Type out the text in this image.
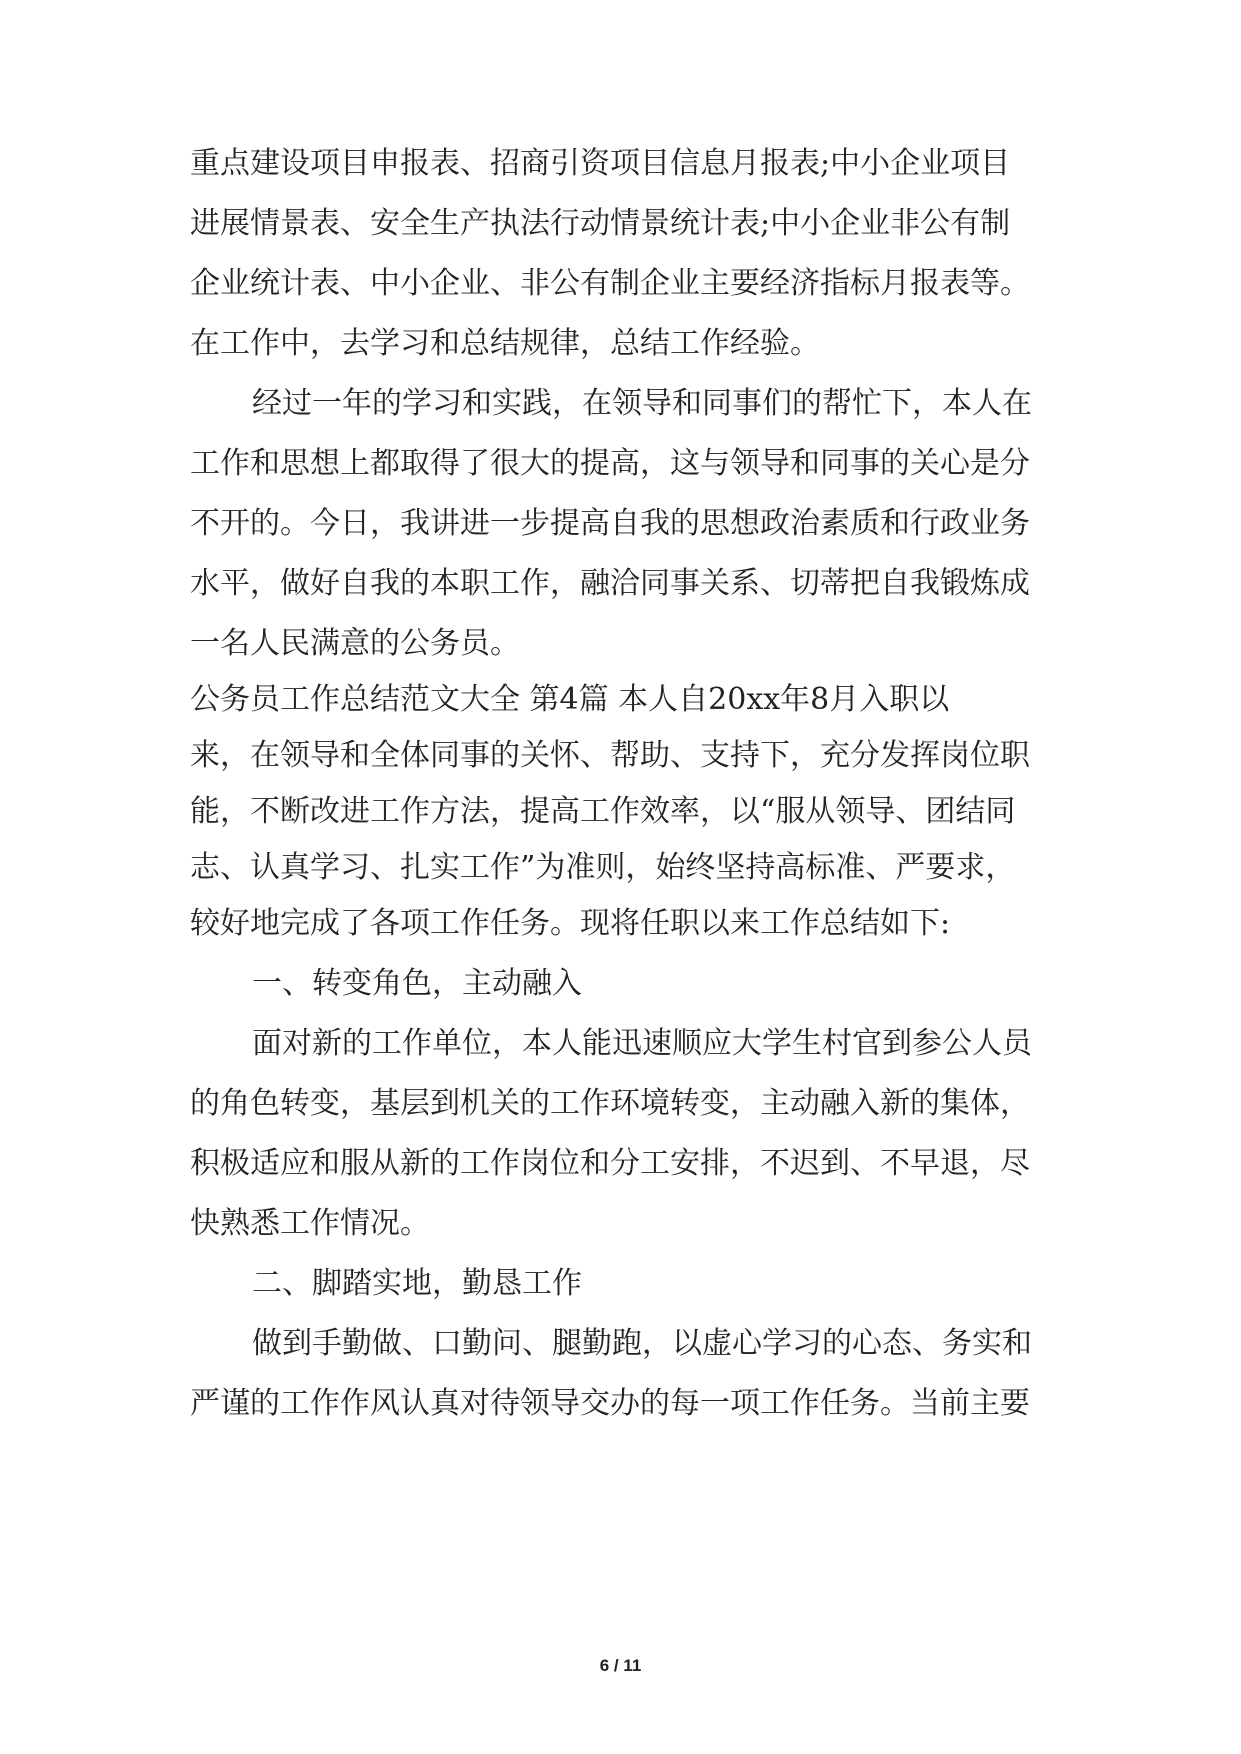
重点建设项目申报表、招商引资项目信息月报表;中小企业项目
进展情景表、安全生产执法行动情景统计表;中小企业非公有制
企业统计表、中小企业、非公有制企业主要经济指标月报表等。
在工作中，去学习和总结规律，总结工作经验。
经过一年的学习和实践，在领导和同事们的帮忙下，本人在
工作和思想上都取得了很大的提高，这与领导和同事的关心是分
不开的。今日，我讲进一步提高自我的思想政治素质和行政业务
水平，做好自我的本职工作，融洽同事关系、切蒂把自我锻炼成
一名人民满意的公务员。
公务员工作总结范文大全 第4篇 本人自20xx年8月入职以
来，在领导和全体同事的关怀、帮助、支持下，充分发挥岗位职
能，不断改进工作方法，提高工作效率，以“服从领导、团结同
志、认真学习、扎实工作”为准则，始终坚持高标准、严要求，
较好地完成了各项工作任务。现将任职以来工作总结如下:
一、转变角色，主动融入
面对新的工作单位，本人能迅速顺应大学生村官到参公人员
的角色转变，基层到机关的工作环境转变，主动融入新的集体，
积极适应和服从新的工作岗位和分工安排，不迟到、不早退，尽
快熟悉工作情况。
二、脚踏实地，勤恳工作
做到手勤做、口勤问、腿勤跑，以虚心学习的心态、务实和
严谨的工作作风认真对待领导交办的每一项工作任务。当前主要
6 / 11
